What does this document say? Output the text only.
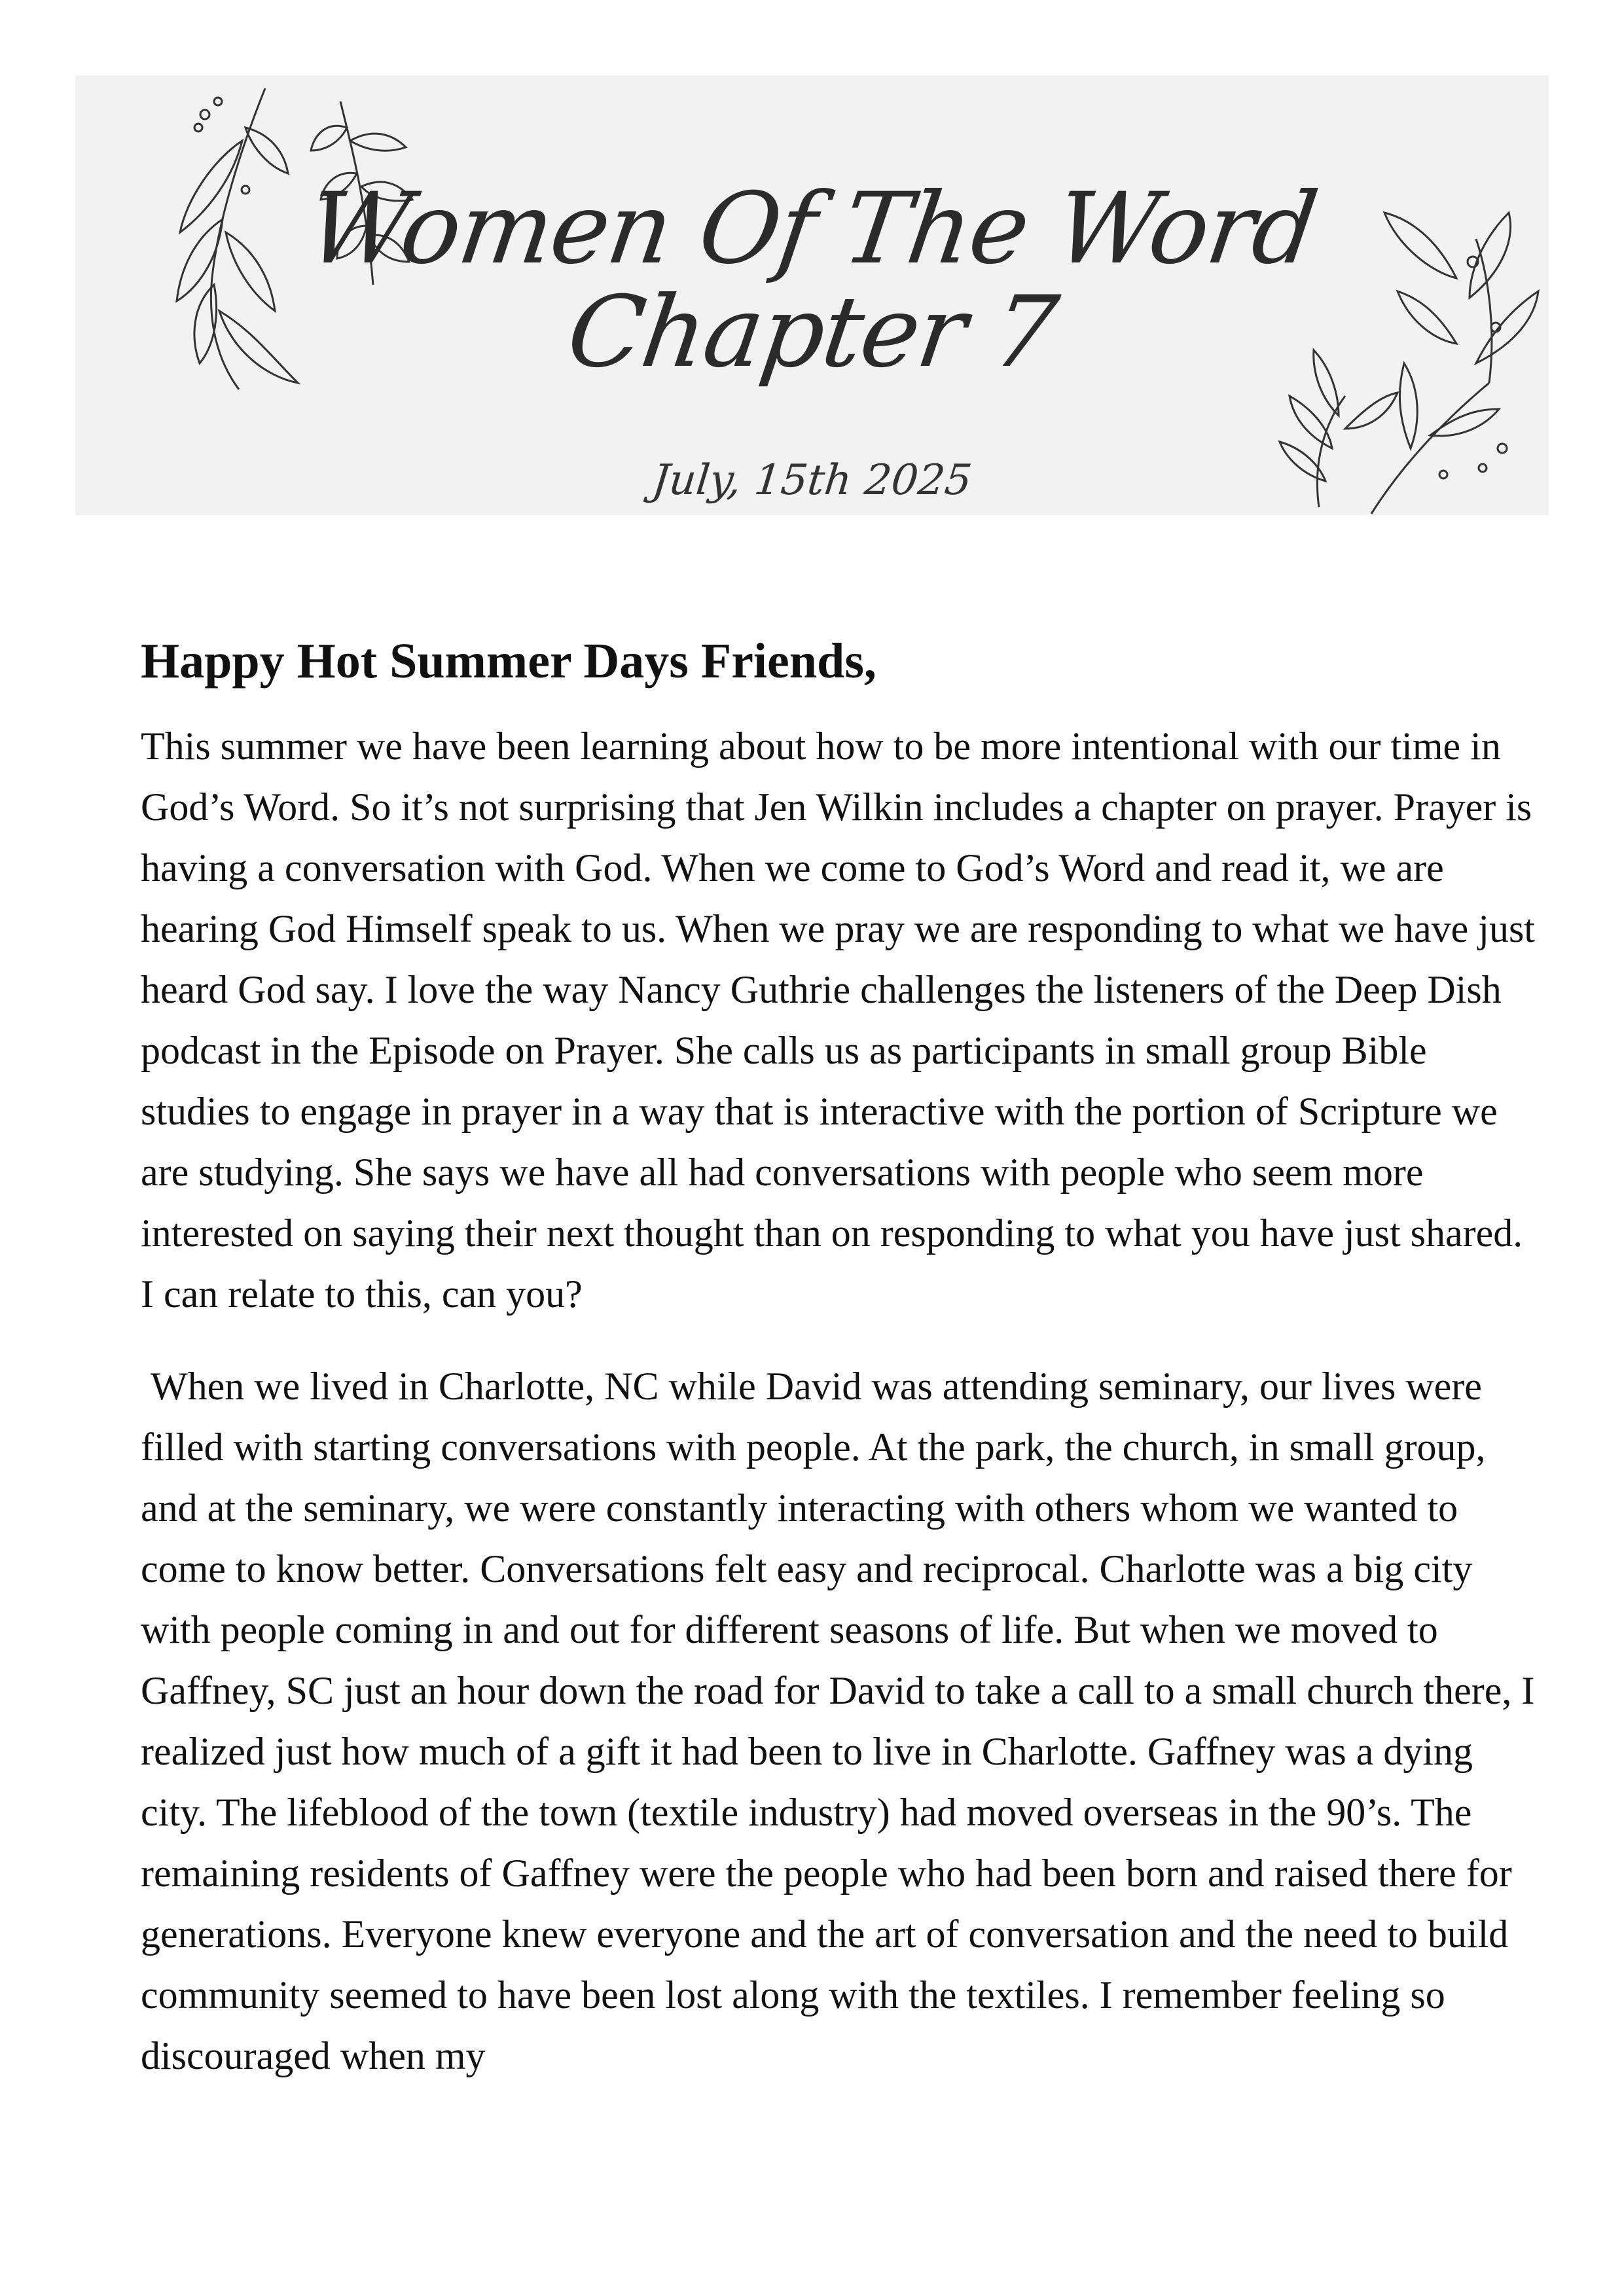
Women Of The Word
Chapter 7
July, 15th 2025
Happy Hot Summer Days Friends,

This summer we have been learning about how to be more intentional with our time in God’s Word. So it’s not surprising that Jen Wilkin includes a chapter on prayer. Prayer is having a conversation with God. When we come to God’s Word and read it, we are hearing God Himself speak to us. When we pray we are responding to what we have just heard God say. I love the way Nancy Guthrie challenges the listeners of the Deep Dish podcast in the Episode on Prayer. She calls us as participants in small group Bible studies to engage in prayer in a way that is interactive with the portion of Scripture we are studying. She says we have all had conversations with people who seem more interested on saying their next thought than on responding to what you have just shared. I can relate to this, can you?

When we lived in Charlotte, NC while David was attending seminary, our lives were filled with starting conversations with people. At the park, the church, in small group, and at the seminary, we were constantly interacting with others whom we wanted to come to know better. Conversations felt easy and reciprocal. Charlotte was a big city with people coming in and out for different seasons of life. But when we moved to Gaffney, SC just an hour down the road for David to take a call to a small church there, I realized just how much of a gift it had been to live in Charlotte. Gaffney was a dying city. The lifeblood of the town (textile industry) had moved overseas in the 90’s. The remaining residents of Gaffney were the people who had been born and raised there for generations. Everyone knew everyone and the art of conversation and the need to build community seemed to have been lost along with the textiles. I remember feeling so discouraged when my
